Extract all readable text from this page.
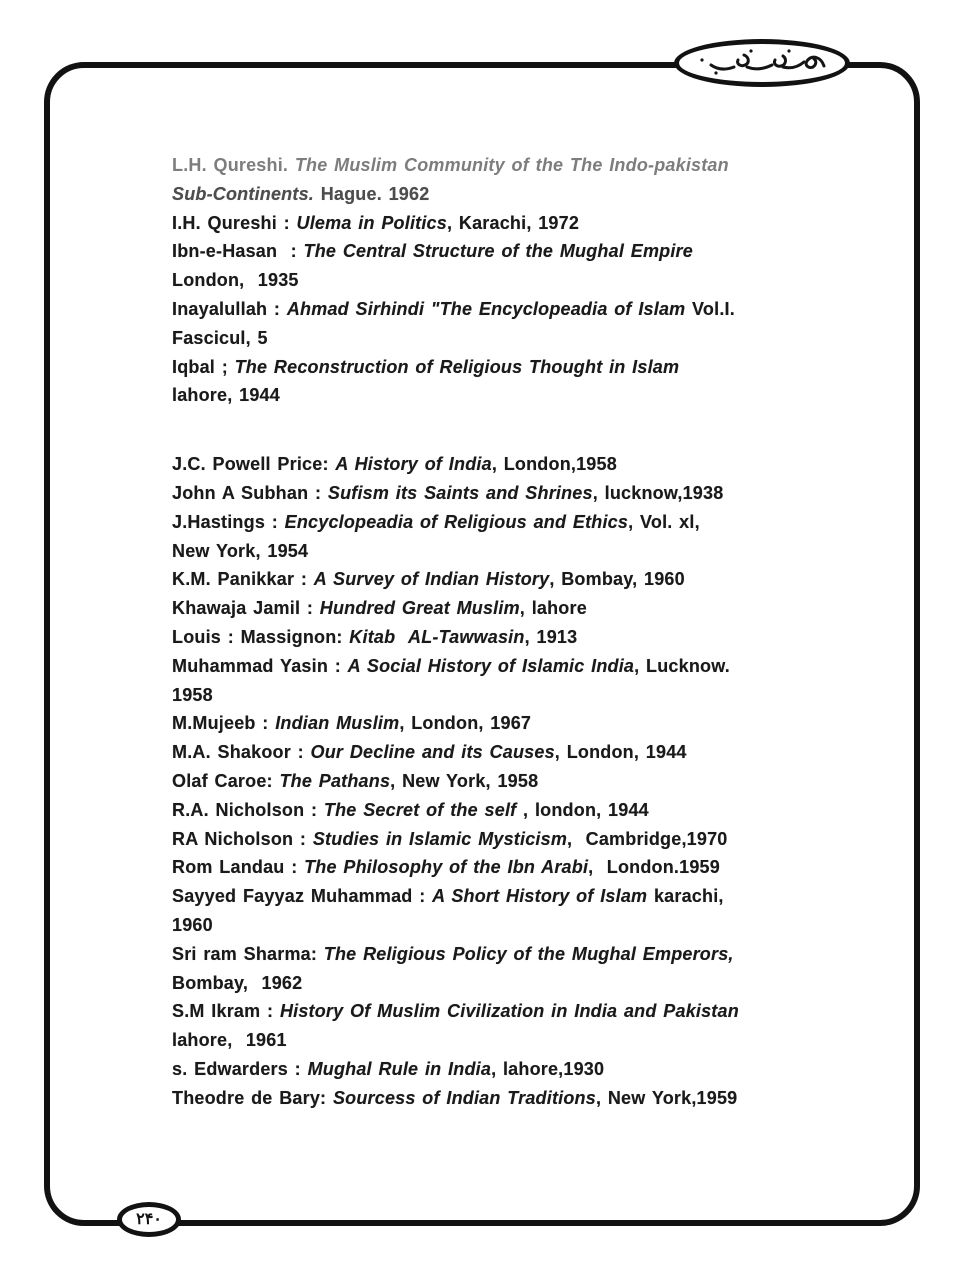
۲۴۰
L.H. Qureshi. The Muslim Community of the The Indo-pakistan
Sub-Continents. Hague. 1962
I.H. Qureshi : Ulema in Politics, Karachi, 1972
Ibn-e-Hasan  : The Central Structure of the Mughal Empire
London,  1935
Inayalullah : Ahmad Sirhindi "The Encyclopeadia of Islam Vol.I.
Fascicul, 5
Iqbal ; The Reconstruction of Religious Thought in Islam
lahore, 1944
J.C. Powell Price: A History of India, London,1958
John A Subhan : Sufism its Saints and Shrines, lucknow,1938
J.Hastings : Encyclopeadia of Religious and Ethics, Vol. xl,
New York, 1954
K.M. Panikkar : A Survey of Indian History, Bombay, 1960
Khawaja Jamil : Hundred Great Muslim, lahore
Louis : Massignon: Kitab  AL-Tawwasin, 1913
Muhammad Yasin : A Social History of Islamic India, Lucknow.
1958
M.Mujeeb : Indian Muslim, London, 1967
M.A. Shakoor : Our Decline and its Causes, London, 1944
Olaf Caroe: The Pathans, New York, 1958
R.A. Nicholson : The Secret of the self , london, 1944
RA Nicholson : Studies in Islamic Mysticism,  Cambridge,1970
Rom Landau : The Philosophy of the Ibn Arabi,  London.1959
Sayyed Fayyaz Muhammad : A Short History of Islam karachi,
1960
Sri ram Sharma: The Religious Policy of the Mughal Emperors,
Bombay,  1962
S.M Ikram : History Of Muslim Civilization in India and Pakistan
lahore,  1961
s. Edwarders : Mughal Rule in India, lahore,1930
Theodre de Bary: Sourcess of Indian Traditions, New York,1959
